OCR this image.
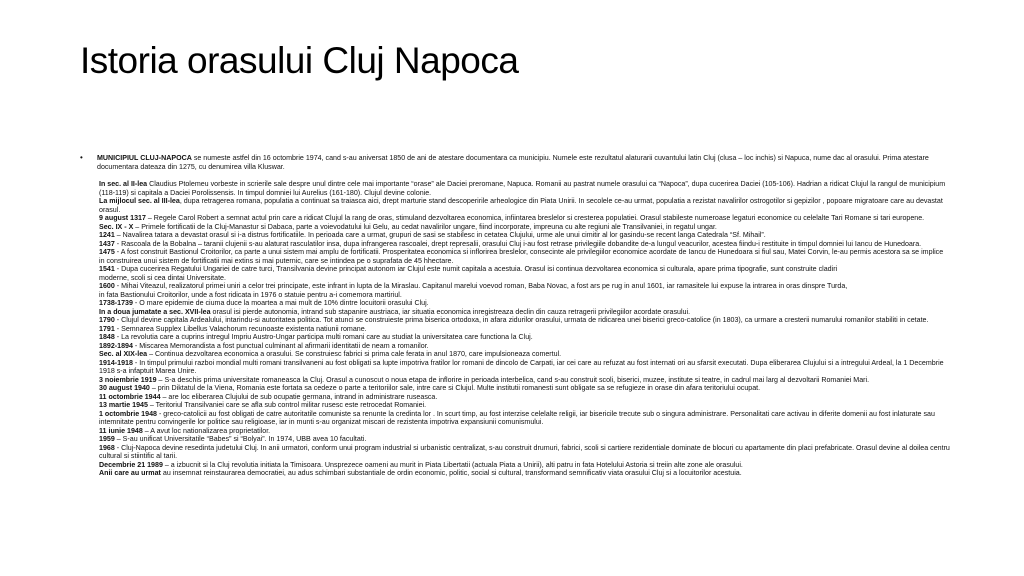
Istoria orasului Cluj Napoca
•	MUNICIPIUL CLUJ-NAPOCA se numeste astfel din 16 octombrie 1974, cand s-au aniversat 1850 de ani de atestare documentara ca municipiu. Numele este rezultatul alaturarii cuvantului latin Cluj (clusa – loc inchis) si Napuca, nume dac al orasului. Prima atestare documentara dateaza din 1275, cu denumirea villa Kluswar.
In sec. al II-lea Claudius Ptolemeu vorbeste in scrierile sale despre unul dintre cele mai importante “orase” ale Daciei preromane, Napuca. Romanii au pastrat numele orasului ca “Napoca”, dupa cucerirea Daciei (105-106). Hadrian a ridicat Clujul la rangul de municipium (118-119) si capitala a Daciei Porolissensis. In timpul domniei lui Aurelius (161-180). Clujul devine colonie.
La mijlocul sec. al III-lea, dupa retragerea romana, populatia a continuat sa traiasca aici, drept marturie stand descoperirile arheologice din Piata Unirii. In secolele ce-au urmat, populatia a rezistat navalirilor ostrogotilor si gepizilor , popoare migratoare care au devastat orasul.
9 august 1317 – Regele Carol Robert a semnat actul prin care a ridicat Clujul la rang de oras, stimuland dezvoltarea economica, infiintarea breslelor si cresterea populatiei. Orasul stabileste numeroase legaturi economice cu celelalte Tari Romane si tari europene.
Sec. IX - X – Primele fortificatii de la Cluj-Manastur si Dabaca, parte a voievodatului lui Gelu, au cedat navalirilor ungare, fiind incorporate, impreuna cu alte regiuni ale Transilvaniei, in regatul ungar.
1241 – Navalirea tatara a devastat orasul si i-a distrus fortificatiile. In perioada care a urmat, grupuri de sasi se stabilesc in cetatea Clujului, urme ale unui cimitir al lor gasindu-se recent langa Catedrala “Sf. Mihail”.
1437 - Rascoala de la Bobalna – taranii clujenii s-au alaturat rasculatilor insa, dupa infrangerea rascoalei, drept represalii, orasului Cluj i-au fost retrase privilegiile dobandite de-a lungul veacurilor, acestea fiindu-i restituite in timpul domniei lui Iancu de Hunedoara.
1475 - A fost construit Bastionul Croitorilor, ca parte a unui sistem mai amplu de fortificatii. Prosperitatea economica si inflorirea breslelor, consecinte ale privilegiilor economice acordate de Iancu de Hunedoara si fiul sau, Matei Corvin, le-au permis acestora sa se implice in construirea unui sistem de fortificatii mai extins si mai puternic, care se intindea pe o suprafata de 45 hhectare.
1541 - Dupa cucerirea Regatului Ungariei de catre turci, Transilvania devine principat autonom iar Clujul este numit capitala a acestuia. Orasul isi continua dezvoltarea economica si culturala, apare prima tipografie, sunt construite cladiri
moderne, scoli si cea dintai Universitate.
1600 - Mihai Viteazul, realizatorul primei uniri a celor trei principate, este infrant in lupta de la Miraslau. Capitanul marelui voevod roman, Baba Novac, a fost ars pe rug in anul 1601, iar ramasitele lui expuse la intrarea in oras dinspre Turda,
in fata Bastionului Croitorilor, unde a fost ridicata in 1976 o statuie pentru a-i comemora martiriul.
1738-1739 - O mare epidemie de ciuma duce la moartea a mai mult de 10% dintre locuitorii orasului Cluj.
In a doua jumatate a sec. XVII-lea orasul isi pierde autonomia, intrand sub stapanire austriaca, iar situatia economica inregistreaza declin din cauza retragerii privilegiilor acordate orasului.
1790 - Clujul devine capitala Ardealului, intarindu-si autoritatea politica. Tot atunci se construieste prima biserica ortodoxa, in afara zidurilor orasului, urmata de ridicarea unei biserici greco-catolice (in 1803), ca urmare a cresterii numarului romanilor stabiliti in cetate.
1791 - Semnarea Supplex Libellus Valachorum recunoaste existenta natiunii romane.
1848 - La revolutia care a cuprins intregul Impriu Austro-Ungar participa multi romani care au studiat la universitatea care functiona la Cluj.
1892-1894 - Miscarea Memorandista a fost punctual culminant al afirmarii identitatii de neam a romanilor.
Sec. al XIX-lea – Continua dezvoltarea economica a orasului. Se construiesc fabrici si prima cale ferata in anul 1870, care impulsioneaza comertul.
1914-1918 - In timpul primului razboi mondial multi romani transilvaneni au fost obligati sa lupte impotriva fratilor lor romani de dincolo de Carpati, iar cei care au refuzat au fost internati ori au sfarsit executati. Dupa eliberarea Clujului si a intregului Ardeal, la 1 Decembrie 1918 s-a infaptuit Marea Unire.
3 noiembrie 1919 – S-a deschis prima universitate romaneasca la Cluj. Orasul a cunoscut o noua etapa de inflorire in perioada interbelica, cand s-au construit scoli, biserici, muzee, institute si teatre, in cadrul mai larg al dezvoltarii Romaniei Mari.
30 august 1940 – prin Diktatul de la Viena, Romania este fortata sa cedeze o parte a teritoriilor sale, intre care si Clujul. Multe institutii romanesti sunt obligate sa se refugieze in orase din afara teritoriului ocupat.
11 octombrie 1944 – are loc eliberarea Clujului de sub ocupatie germana, intrand in administrare ruseasca.
13 martie 1945 – Teritoriul Transilvaniei care se afla sub control militar rusesc este retrocedat Romaniei.
1 octombrie 1948 - greco-catolicii au fost obligati de catre autoritatile comuniste sa renunte la credinta lor . In scurt timp, au fost interzise celelalte religii, iar bisericile trecute sub o singura administrare. Personalitati care activau in diferite domenii au fost inlaturate sau intemnitate pentru convingerile lor politice sau religioase, iar in munti s-au organizat miscari de rezistenta impotriva expansiunii comunismului.
11 iunie 1948 – A avut loc nationalizarea proprietatilor.
1959 – S-au unificat Universitatile “Babes” si “Bolyai”. In 1974, UBB avea 10 facultati.
1968 - Cluj-Napoca devine resedinta judetului Cluj. In anii urmatori, conform unui program industrial si urbanistic centralizat, s-au construit drumuri, fabrici, scoli si cartiere rezidentiale dominate de blocuri cu apartamente din placi prefabricate. Orasul devine al doilea centru cultural si stiintific al tarii.
Decembrie 21 1989 – a izbucnit si la Cluj revolutia initiata la Timisoara. Unsprezece oameni au murit in Piata Libertatii (actuala Piata a Unirii), alti patru in fata Hotelului Astoria si treiin alte zone ale orasului.
Anii care au urmat au insemnat reinstaurarea democratiei, au adus schimbari substantiale de ordin economic, politic, social si cultural, transformand semnificativ viata orasului Cluj si a locuitorilor acestuia.
